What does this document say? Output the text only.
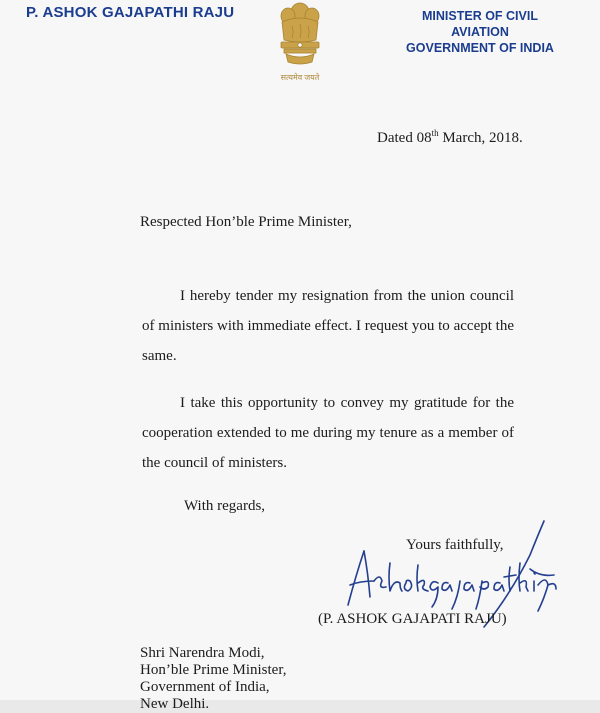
P. ASHOK GAJAPATHI RAJU
सत्यमेव जयते
MINISTER OF CIVIL AVIATION
GOVERNMENT OF INDIA
Dated 08th March, 2018.
Respected Hon’ble Prime Minister,

I hereby tender my resignation from the union council of ministers with immediate effect. I request you to accept the same.

I take this opportunity to convey my gratitude for the cooperation extended to me during my tenure as a member of the council of ministers.

With regards,
Yours faithfully,
(P. ASHOK GAJAPATI RAJU)
Shri Narendra Modi,
Hon’ble Prime Minister,
Government of India,
New Delhi.
